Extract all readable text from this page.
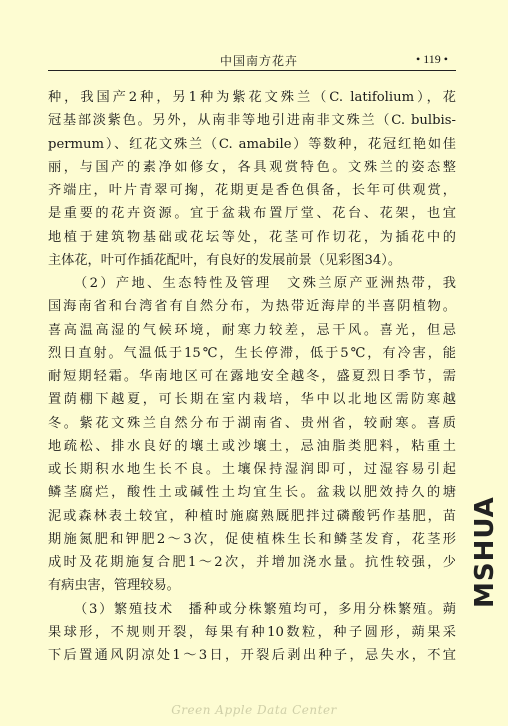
中国南方花卉	• 119 •
种，我国产2种，另1种为紫花文殊兰（C. latifolium），花
冠基部淡紫色。另外，从南非等地引进南非文殊兰（C. bulbis-
permum）、红花文殊兰（C. amabile）等数种，花冠红艳如佳
丽，与国产的素净如修女，各具观赏特色。文殊兰的姿态整
齐端庄，叶片青翠可掬，花期更是香色俱备，长年可供观赏，
是重要的花卉资源。宜于盆栽布置厅堂、花台、花架，也宜
地植于建筑物基础或花坛等处，花茎可作切花，为插花中的
主体花，叶可作插花配叶，有良好的发展前景（见彩图34）。
（2）产地、生态特性及管理　文殊兰原产亚洲热带，我
国海南省和台湾省有自然分布，为热带近海岸的半喜阴植物。
喜高温高湿的气候环境，耐寒力较差，忌干风。喜光，但忌
烈日直射。气温低于15℃，生长停滞，低于5℃，有冷害，能
耐短期轻霜。华南地区可在露地安全越冬，盛夏烈日季节，需
置荫棚下越夏，可长期在室内栽培，华中以北地区需防寒越
冬。紫花文殊兰自然分布于湖南省、贵州省，较耐寒。喜质
地疏松、排水良好的壤土或沙壤土，忌油脂类肥料，粘重土
或长期积水地生长不良。土壤保持湿润即可，过湿容易引起
鳞茎腐烂，酸性土或碱性土均宜生长。盆栽以肥效持久的塘
泥或森林表土较宜，种植时施腐熟厩肥拌过磷酸钙作基肥，苗
期施氮肥和钾肥2～3次，促使植株生长和鳞茎发育，花茎形
成时及花期施复合肥1～2次，并增加浇水量。抗性较强，少
有病虫害，管理较易。
（3）繁殖技术　播种或分株繁殖均可，多用分株繁殖。蒴
果球形，不规则开裂，每果有种10数粒，种子圆形，蒴果采
下后置通风阴凉处1～3日，开裂后剥出种子，忌失水，不宜
MSHUA
Green Apple Data Center
